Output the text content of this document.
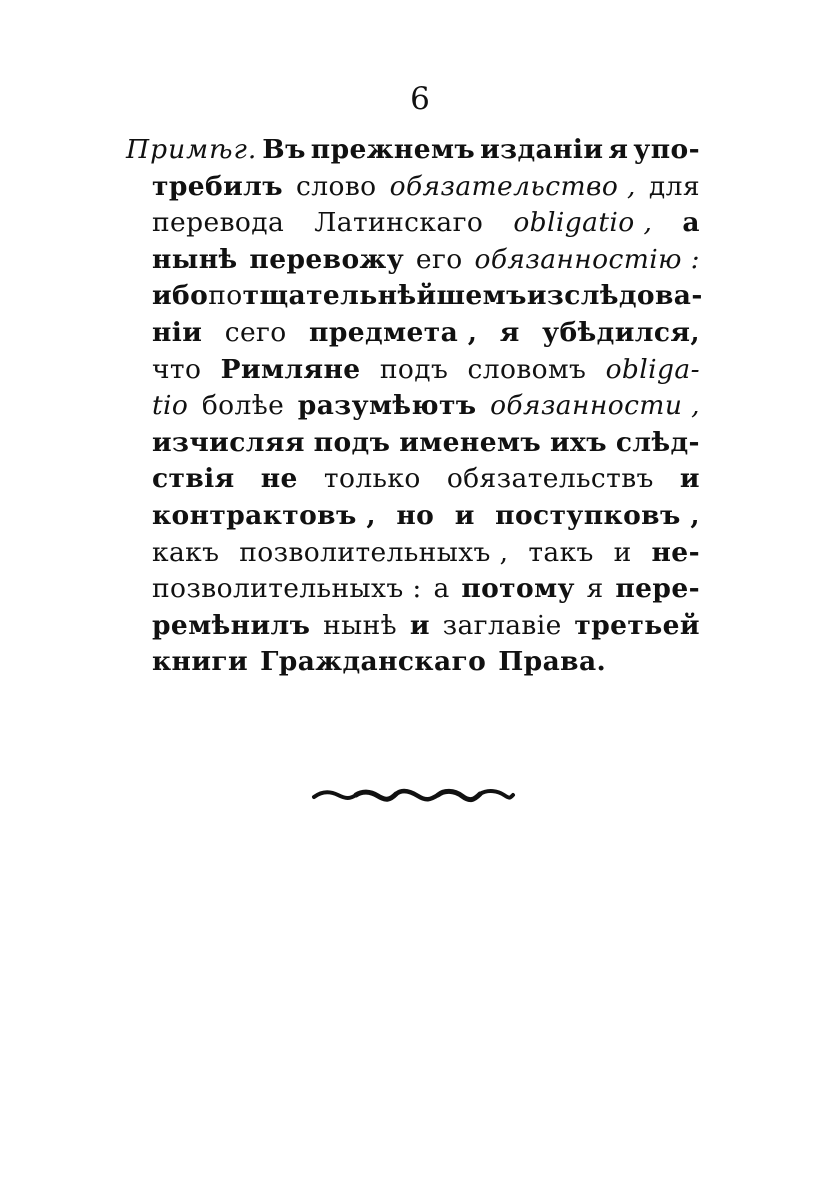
6
Примѣг. Въ прежнемъ изданіи я упо-
требилъ слово обязательство , для
перевода Латинскаго obligatio , а
нынѣ перевожу его обязанностію :
ибо по тщательнѣйшемъ изслѣдова-
ніи сего предмета , я убѣдился,
что Римляне подъ словомъ obliga-
tio болѣе разумѣютъ обязанности ,
изчисляя подъ именемъ ихъ слѣд-
ствія не только обязательствъ и
контрактовъ , но и поступковъ ,
какъ позволительныхъ , такъ и не-
позволительныхъ : а потому я пере-
ремѣнилъ нынѣ и заглавіе третьей
книги Гражданскаго Права.
